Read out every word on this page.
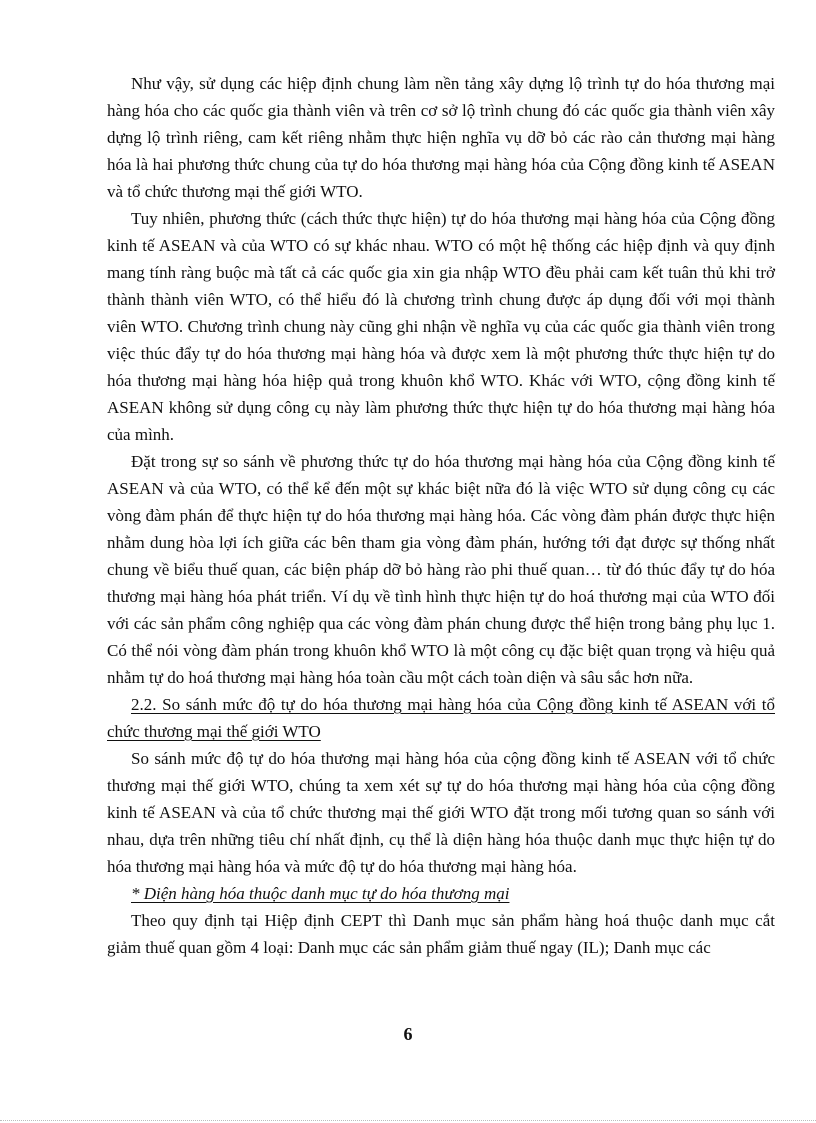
Như vậy, sử dụng các hiệp định chung làm nền tảng xây dựng lộ trình tự do hóa thương mại hàng hóa cho các quốc gia thành viên và trên cơ sở lộ trình chung đó các quốc gia thành viên xây dựng lộ trình riêng, cam kết riêng nhằm thực hiện nghĩa vụ dỡ bỏ các rào cản thương mại hàng hóa là hai phương thức chung của tự do hóa thương mại hàng hóa của Cộng đồng kinh tế ASEAN và tổ chức thương mại thế giới WTO.

Tuy nhiên, phương thức (cách thức thực hiện) tự do hóa thương mại hàng hóa của Cộng đồng kinh tế ASEAN và của WTO có sự khác nhau. WTO có một hệ thống các hiệp định và quy định mang tính ràng buộc mà tất cả các quốc gia xin gia nhập WTO đều phải cam kết tuân thủ khi trở thành thành viên WTO, có thể hiểu đó là chương trình chung được áp dụng đối với mọi thành viên WTO. Chương trình chung này cũng ghi nhận về nghĩa vụ của các quốc gia thành viên trong việc thúc đẩy tự do hóa thương mại hàng hóa và được xem là một phương thức thực hiện tự do hóa thương mại hàng hóa hiệp quả trong khuôn khổ WTO. Khác với WTO, cộng đồng kinh tế ASEAN không sử dụng công cụ này làm phương thức thực hiện tự do hóa thương mại hàng hóa của mình.

Đặt trong sự so sánh về phương thức tự do hóa thương mại hàng hóa của Cộng đồng kinh tế ASEAN và của WTO, có thể kể đến một sự khác biệt nữa đó là việc WTO sử dụng công cụ các vòng đàm phán để thực hiện tự do hóa thương mại hàng hóa. Các vòng đàm phán được thực hiện nhằm dung hòa lợi ích giữa các bên tham gia vòng đàm phán, hướng tới đạt được sự thống nhất chung về biểu thuế quan, các biện pháp dỡ bỏ hàng rào phi thuế quan… từ đó thúc đẩy tự do hóa thương mại hàng hóa phát triển. Ví dụ về tình hình thực hiện tự do hoá thương mại của WTO đối với các sản phẩm công nghiệp qua các vòng đàm phán chung được thể hiện trong bảng phụ lục 1. Có thể nói vòng đàm phán trong khuôn khổ WTO là một công cụ đặc biệt quan trọng và hiệu quả nhằm tự do hoá thương mại hàng hóa toàn cầu một cách toàn diện và sâu sắc hơn nữa.

2.2. So sánh mức độ tự do hóa thương mại hàng hóa của Cộng đồng kinh tế ASEAN với tổ chức thương mại thế giới WTO

So sánh mức độ tự do hóa thương mại hàng hóa của cộng đồng kinh tế ASEAN với tổ chức thương mại thế giới WTO, chúng ta xem xét sự tự do hóa thương mại hàng hóa của cộng đồng kinh tế ASEAN và của tổ chức thương mại thế giới WTO đặt trong mối tương quan so sánh với nhau, dựa trên những tiêu chí nhất định, cụ thể là diện hàng hóa thuộc danh mục thực hiện tự do hóa thương mại hàng hóa và mức độ tự do hóa thương mại hàng hóa.

* Diện hàng hóa thuộc danh mục tự do hóa thương mại

Theo quy định tại Hiệp định CEPT thì Danh mục sản phẩm hàng hoá thuộc danh mục cắt giảm thuế quan gồm 4 loại: Danh mục các sản phẩm giảm thuế ngay (IL); Danh mục các

6
